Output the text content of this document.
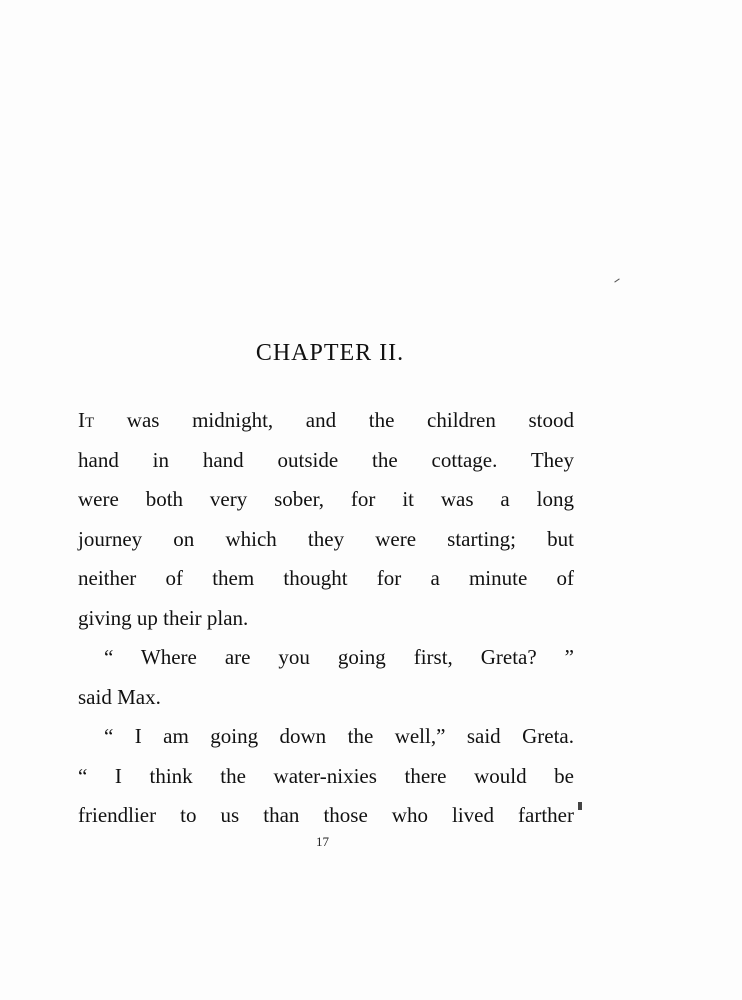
CHAPTER II.
It was midnight, and the children stood
hand in hand outside the cottage. They
were both very sober, for it was a long
journey on which they were starting; but
neither of them thought for a minute of
giving up their plan.
“ Where are you going first, Greta? ”
said Max.
“ I am going down the well,” said Greta.
“ I think the water-nixies there would be
friendlier to us than those who lived farther
17
